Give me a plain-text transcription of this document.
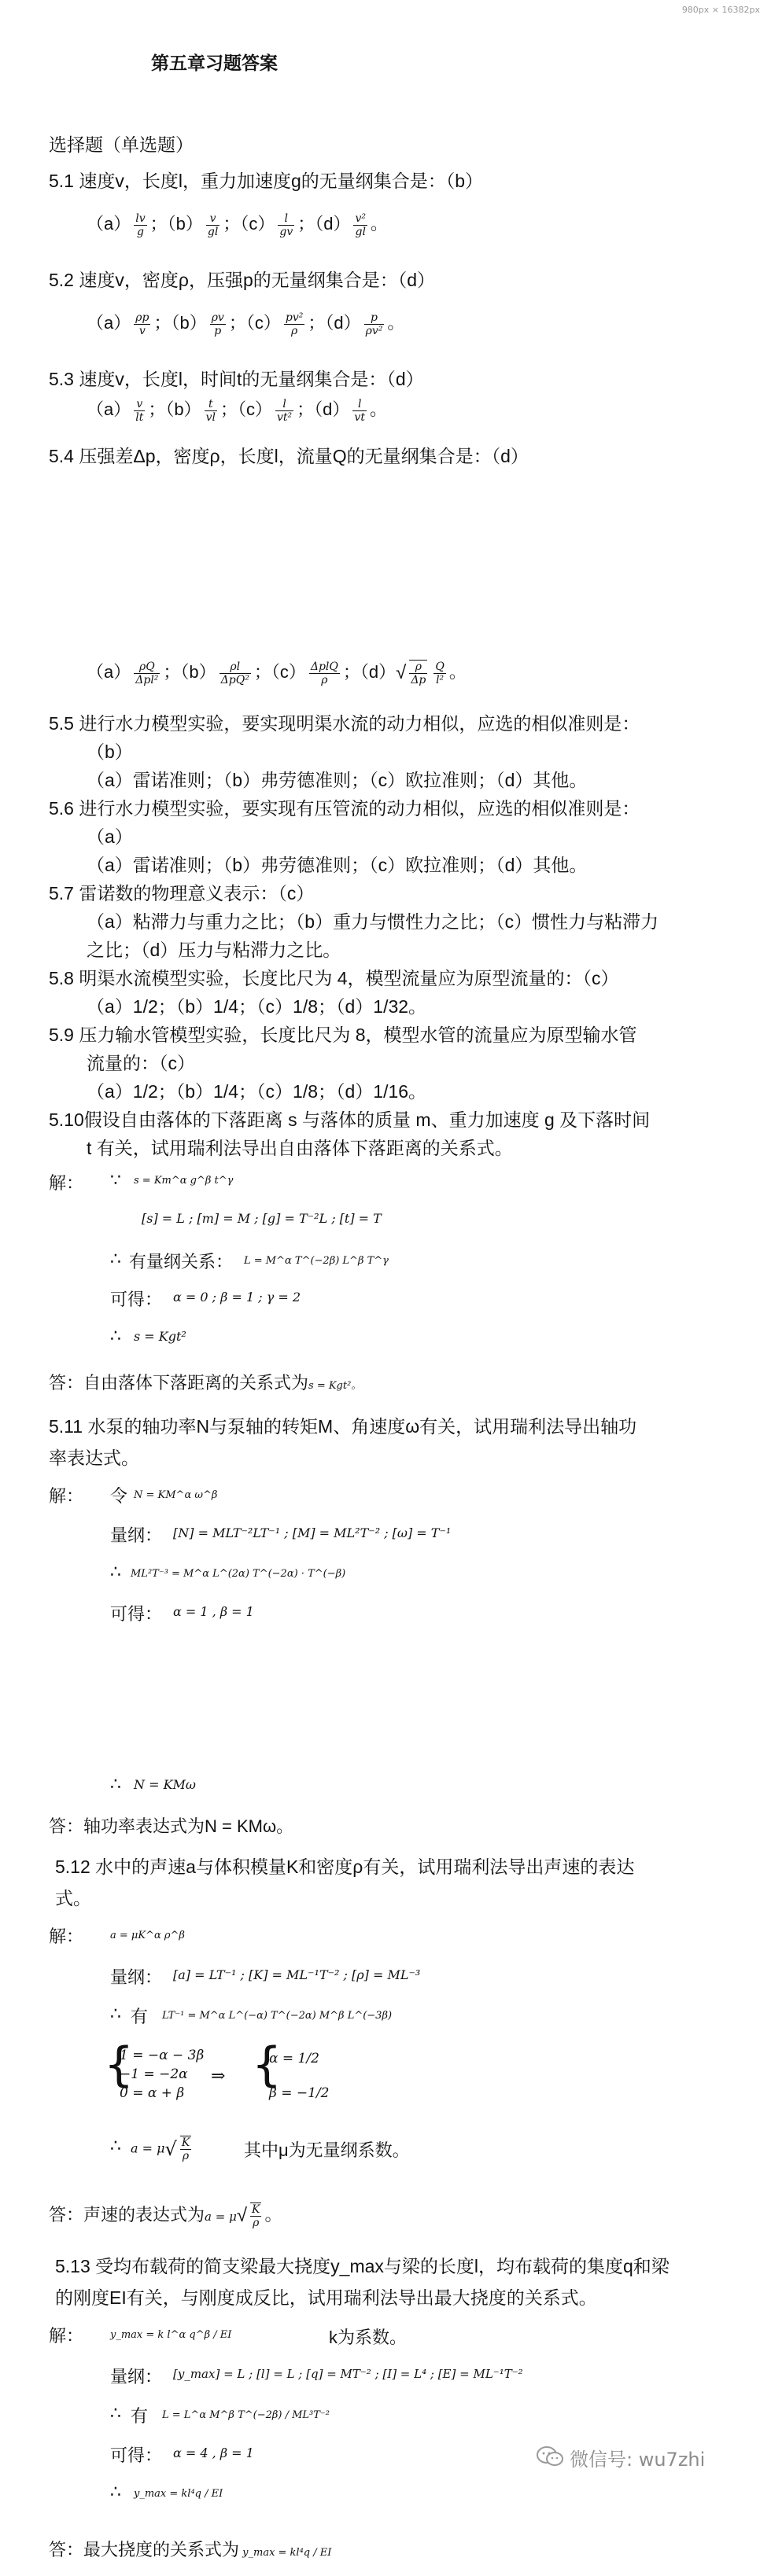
980px × 16382px
第五章习题答案
选择题（单选题）
5.1 速度v，长度l，重力加速度g的无量纲集合是：（b）
$(a) \frac{lv}{g}$ ；$(b) \frac{v}{gl}$ ；$(c) \frac{l}{gv}$ ；$(d) \frac{\text{v²}}{gl}$ 。
5.2 速度v，密度ρ，压强p的无量纲集合是：（d）
$(a) \frac{\rho p}{v}$ ；$(b) \frac{\rho v}{p}$ ；$(c) \frac{\text{pv²}}{\rho}$ ；$(d) \frac{p}{\text{ρv²}}$ 。
5.3 速度v，长度l，时间t的无量纲集合是：（d）
$(a) \frac{v}{lt}$ ；$(b) \frac{t}{vl}$ ；$(c) \frac{l}{\text{vt²}}$ ；$(d) \frac{l}{vt}$ 。
5.4 压强差Δp，密度ρ，长度l，流量Q的无量纲集合是：（d）
$(a) \frac{\rho Q}{\text{Δpl²}}$ ；$(b) \frac{\rho l}{\text{ΔpQ²}}$ ；$(c) \frac{\text{ΔplQ}}{\rho}$ ；$(d)√ \frac{\rho}{\Delta p} \frac{Q}{\text{l²}}$ 。
5.5 进行水力模型实验，要实现明渠水流的动力相似，应选的相似准则是：
（b）
（a）雷诺准则；（b）弗劳德准则；（c）欧拉准则；（d）其他。
5.6 进行水力模型实验，要实现有压管流的动力相似，应选的相似准则是：
（a）
（a）雷诺准则；（b）弗劳德准则；（c）欧拉准则；（d）其他。
5.7 雷诺数的物理意义表示：（c）
（a）粘滞力与重力之比；（b）重力与惯性力之比；（c）惯性力与粘滞力
之比；（d）压力与粘滞力之比。
5.8 明渠水流模型实验，长度比尺为 4，模型流量应为原型流量的：（c）
（a）1/2；（b）1/4；（c）1/8；（d）1/32。
5.9 压力输水管模型实验，长度比尺为 8，模型水管的流量应为原型输水管
流量的：（c）
（a）1/2；（b）1/4；（c）1/8；（d）1/16。
5.10假设自由落体的下落距离 s 与落体的质量 m、重力加速度 g 及下落时间
t 有关，试用瑞利法导出自由落体下落距离的关系式。
解： ∵ s = Km^α g^β t^γ
[s] = L ; [m] = M ; [g] = T⁻²L ; [t] = T
∴ 有量纲关系： L = M^α T^(−2β) L^β T^γ
可得： α = 0 ; β = 1 ; γ = 2
∴ s = Kgt²
答：自由落体下落距离的关系式为s = Kgt²。
5.11 水泵的轴功率N与泵轴的转矩M、角速度ω有关，试用瑞利法导出轴功
率表达式。
解： 令 N = KM^α ω^β
量纲： [N] = MLT⁻²LT⁻¹ ; [M] = ML²T⁻² ; [ω] = T⁻¹
∴ ML²T⁻³ = M^α L^(2α) T^(−2α) · T^(−β)
可得： α = 1 , β = 1
∴ N = KMω
答：轴功率表达式为N = KMω。
5.12 水中的声速a与体积模量K和密度ρ有关，试用瑞利法导出声速的表达
式。
解：	a = μK^α ρ^β
量纲： [a] = LT⁻¹ ; [K] = ML⁻¹T⁻² ; [ρ] = ML⁻³
∴ 有 LT⁻¹ = M^α L^(−α) T^(−2α) M^β L^(−3β)
{
1 = −α − 3β
−1 = −2α
0 = α + β
⇒ {
α = 1/2
β = −1/2
∴ $a = \mu√ \frac{K}{\rho}$	其中μ为无量纲系数。
答：声速的表达式为$a = \mu√ \frac{K}{\rho}$ 。
5.13 受均布载荷的简支梁最大挠度y_max与梁的长度l，均布载荷的集度q和梁
的刚度EI有关，与刚度成反比，试用瑞利法导出最大挠度的关系式。
解：	y_max = k l^α q^β / EI	k为系数。
量纲： [y_max] = L ; [l] = L ; [q] = MT⁻² ; [I] = L⁴ ; [E] = ML⁻¹T⁻²
∴ 有 L = L^α M^β T^(−2β) / ML³T⁻²
可得： α = 4 , β = 1
∴ y_max = kl⁴q / EI
答：最大挠度的关系式为 y_max = kl⁴q / EI
微信号: wu7zhi
